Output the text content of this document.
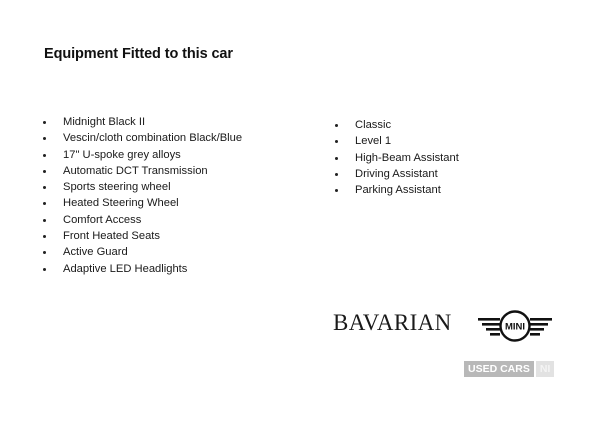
Equipment Fitted to this car
Midnight Black II
Vescin/cloth combination Black/Blue
17" U-spoke grey alloys
Automatic DCT Transmission
Sports steering wheel
Heated Steering Wheel
Comfort Access
Front Heated Seats
Active Guard
Adaptive LED Headlights
Classic
Level 1
High-Beam Assistant
Driving Assistant
Parking Assistant
BAVARIAN	MINI
USED CARS NI
